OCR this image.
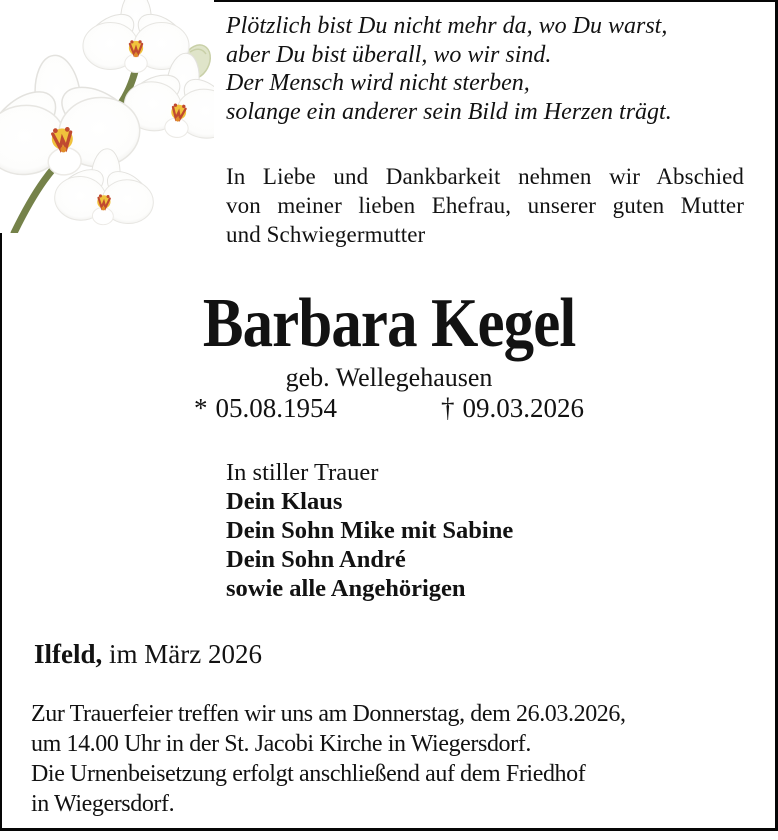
Plötzlich bist Du nicht mehr da, wo Du warst,
aber Du bist überall, wo wir sind.
Der Mensch wird nicht sterben,
solange ein anderer sein Bild im Herzen trägt.
In Liebe und Dankbarkeit nehmen wir Abschied
von meiner lieben Ehefrau, unserer guten Mutter
und Schwiegermutter
Barbara Kegel
geb. Wellegehausen
* 05.08.1954	† 09.03.2026
In stiller Trauer
Dein Klaus
Dein Sohn Mike mit Sabine
Dein Sohn André
sowie alle Angehörigen
Ilfeld, im März 2026
Zur Trauerfeier treffen wir uns am Donnerstag, dem 26.03.2026,
um 14.00 Uhr in der St. Jacobi Kirche in Wiegersdorf.
Die Urnenbeisetzung erfolgt anschließend auf dem Friedhof
in Wiegersdorf.
